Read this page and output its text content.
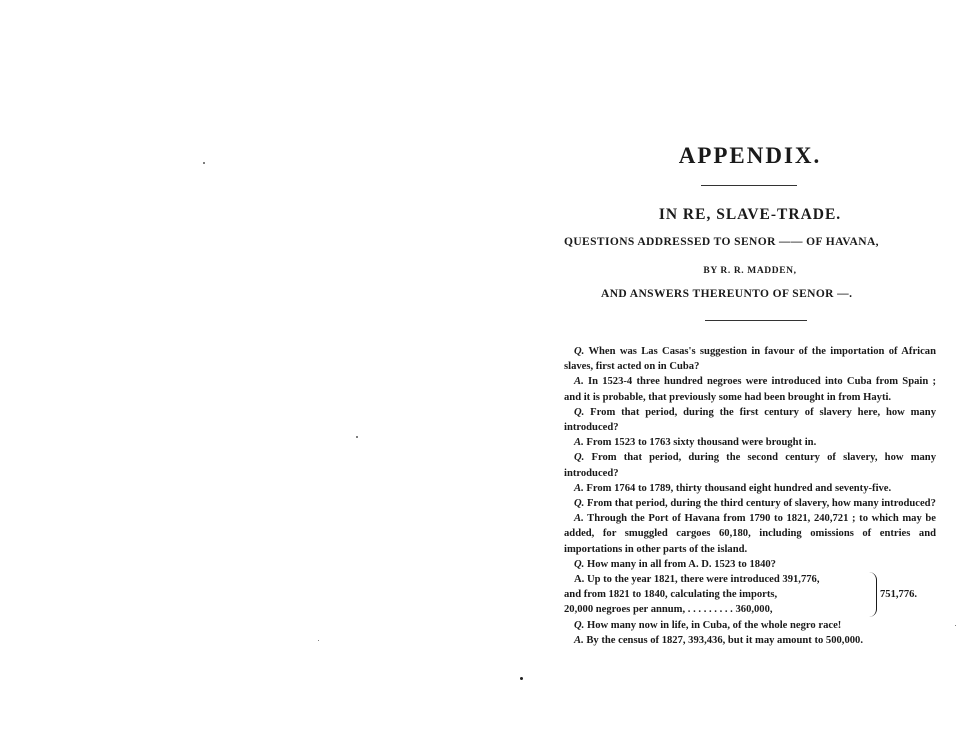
APPENDIX.
IN RE, SLAVE-TRADE.
QUESTIONS ADDRESSED TO SENOR —— OF HAVANA,
BY R. R. MADDEN,
AND ANSWERS THEREUNTO OF SENOR —.

Q. When was Las Casas's suggestion in favour of the importation of African slaves, first acted on in Cuba?

A. In 1523-4 three hundred negroes were introduced into Cuba from Spain ; and it is probable, that previously some had been brought in from Hayti.

Q. From that period, during the first century of slavery here, how many introduced?

A. From 1523 to 1763 sixty thousand were brought in.

Q. From that period, during the second century of slavery, how many introduced?

A. From 1764 to 1789, thirty thousand eight hundred and seventy-five.

Q. From that period, during the third century of slavery, how many introduced?

A. Through the Port of Havana from 1790 to 1821, 240,721 ; to which may be added, for smuggled cargoes 60,180, including omissions of entries and importations in other parts of the island.

Q. How many in all from A. D. 1523 to 1840?

A. Up to the year 1821, there were introduced 391,776,
and from 1821 to 1840, calculating the imports,
20,000 negroes per annum, . . . . . . . . . 360,000,
751,776.

Q. How many now in life, in Cuba, of the whole negro race!

A. By the census of 1827, 393,436, but it may amount to 500,000.
